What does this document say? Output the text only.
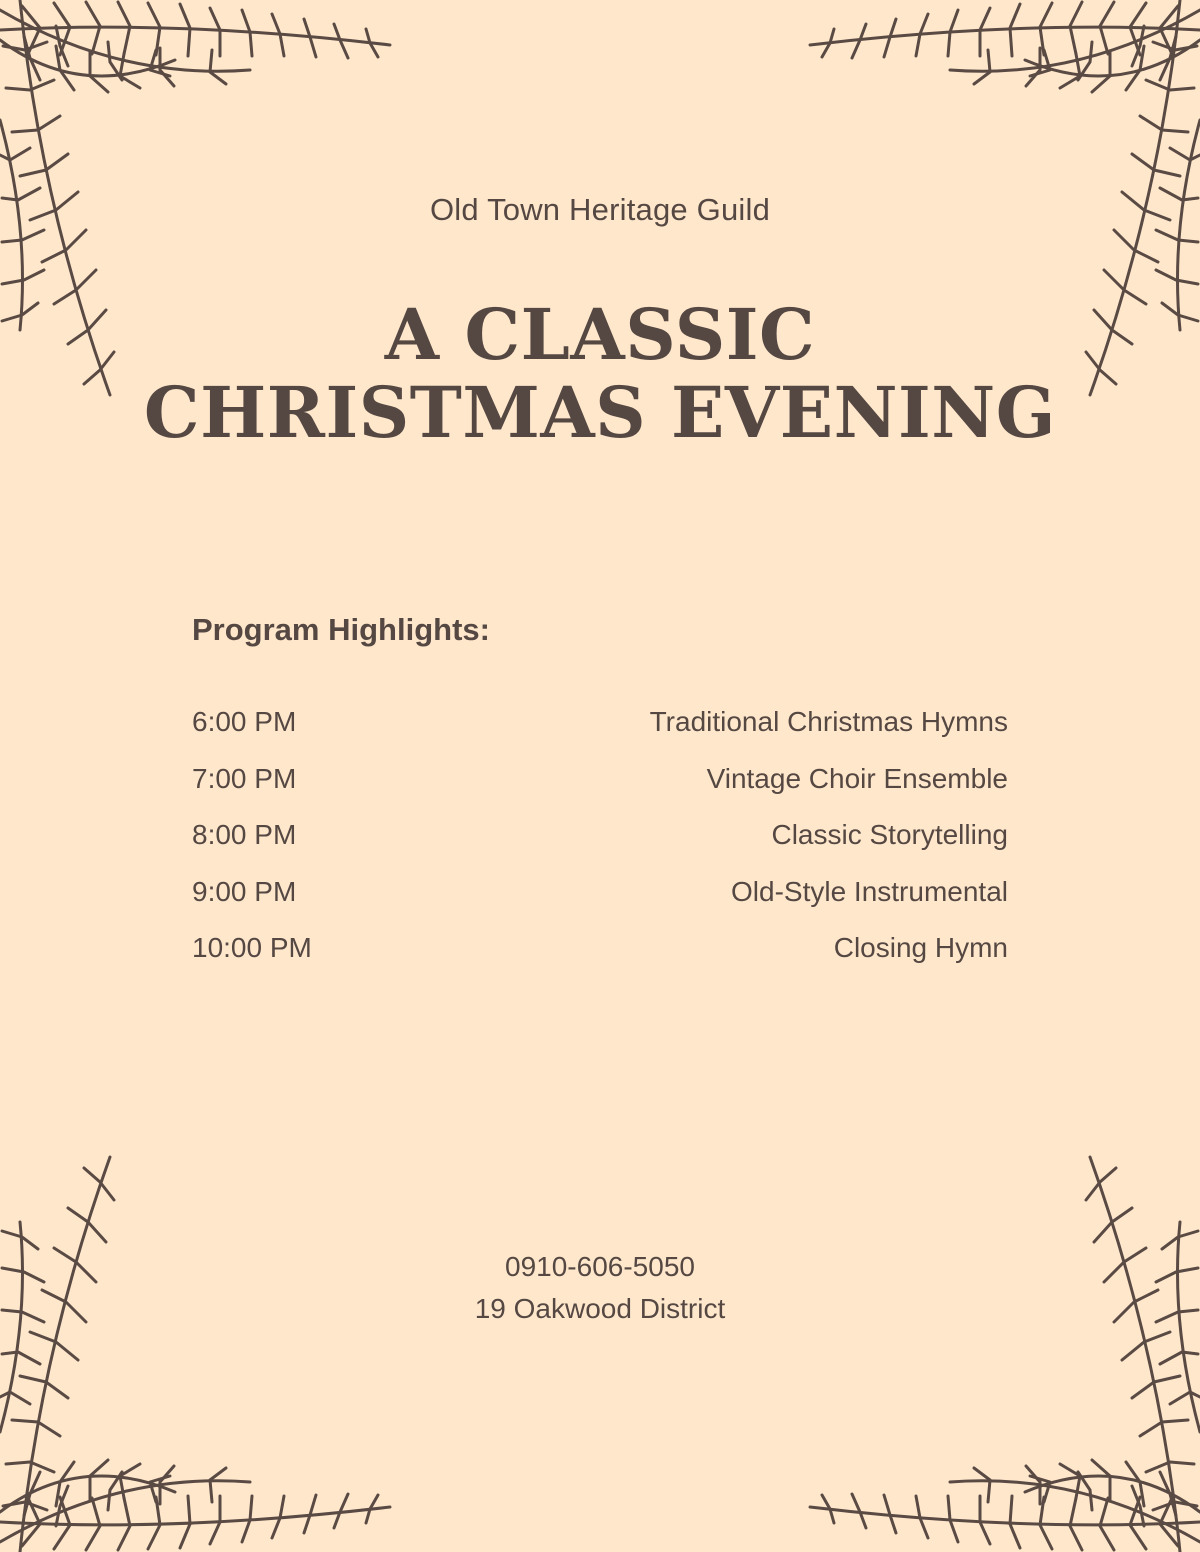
Old Town Heritage Guild
A CLASSIC
CHRISTMAS EVENING
Program Highlights:
6:00 PM	Traditional Christmas Hymns
7:00 PM	Vintage Choir Ensemble
8:00 PM	Classic Storytelling
9:00 PM	Old-Style Instrumental
10:00 PM	Closing Hymn
0910-606-5050
19 Oakwood District
